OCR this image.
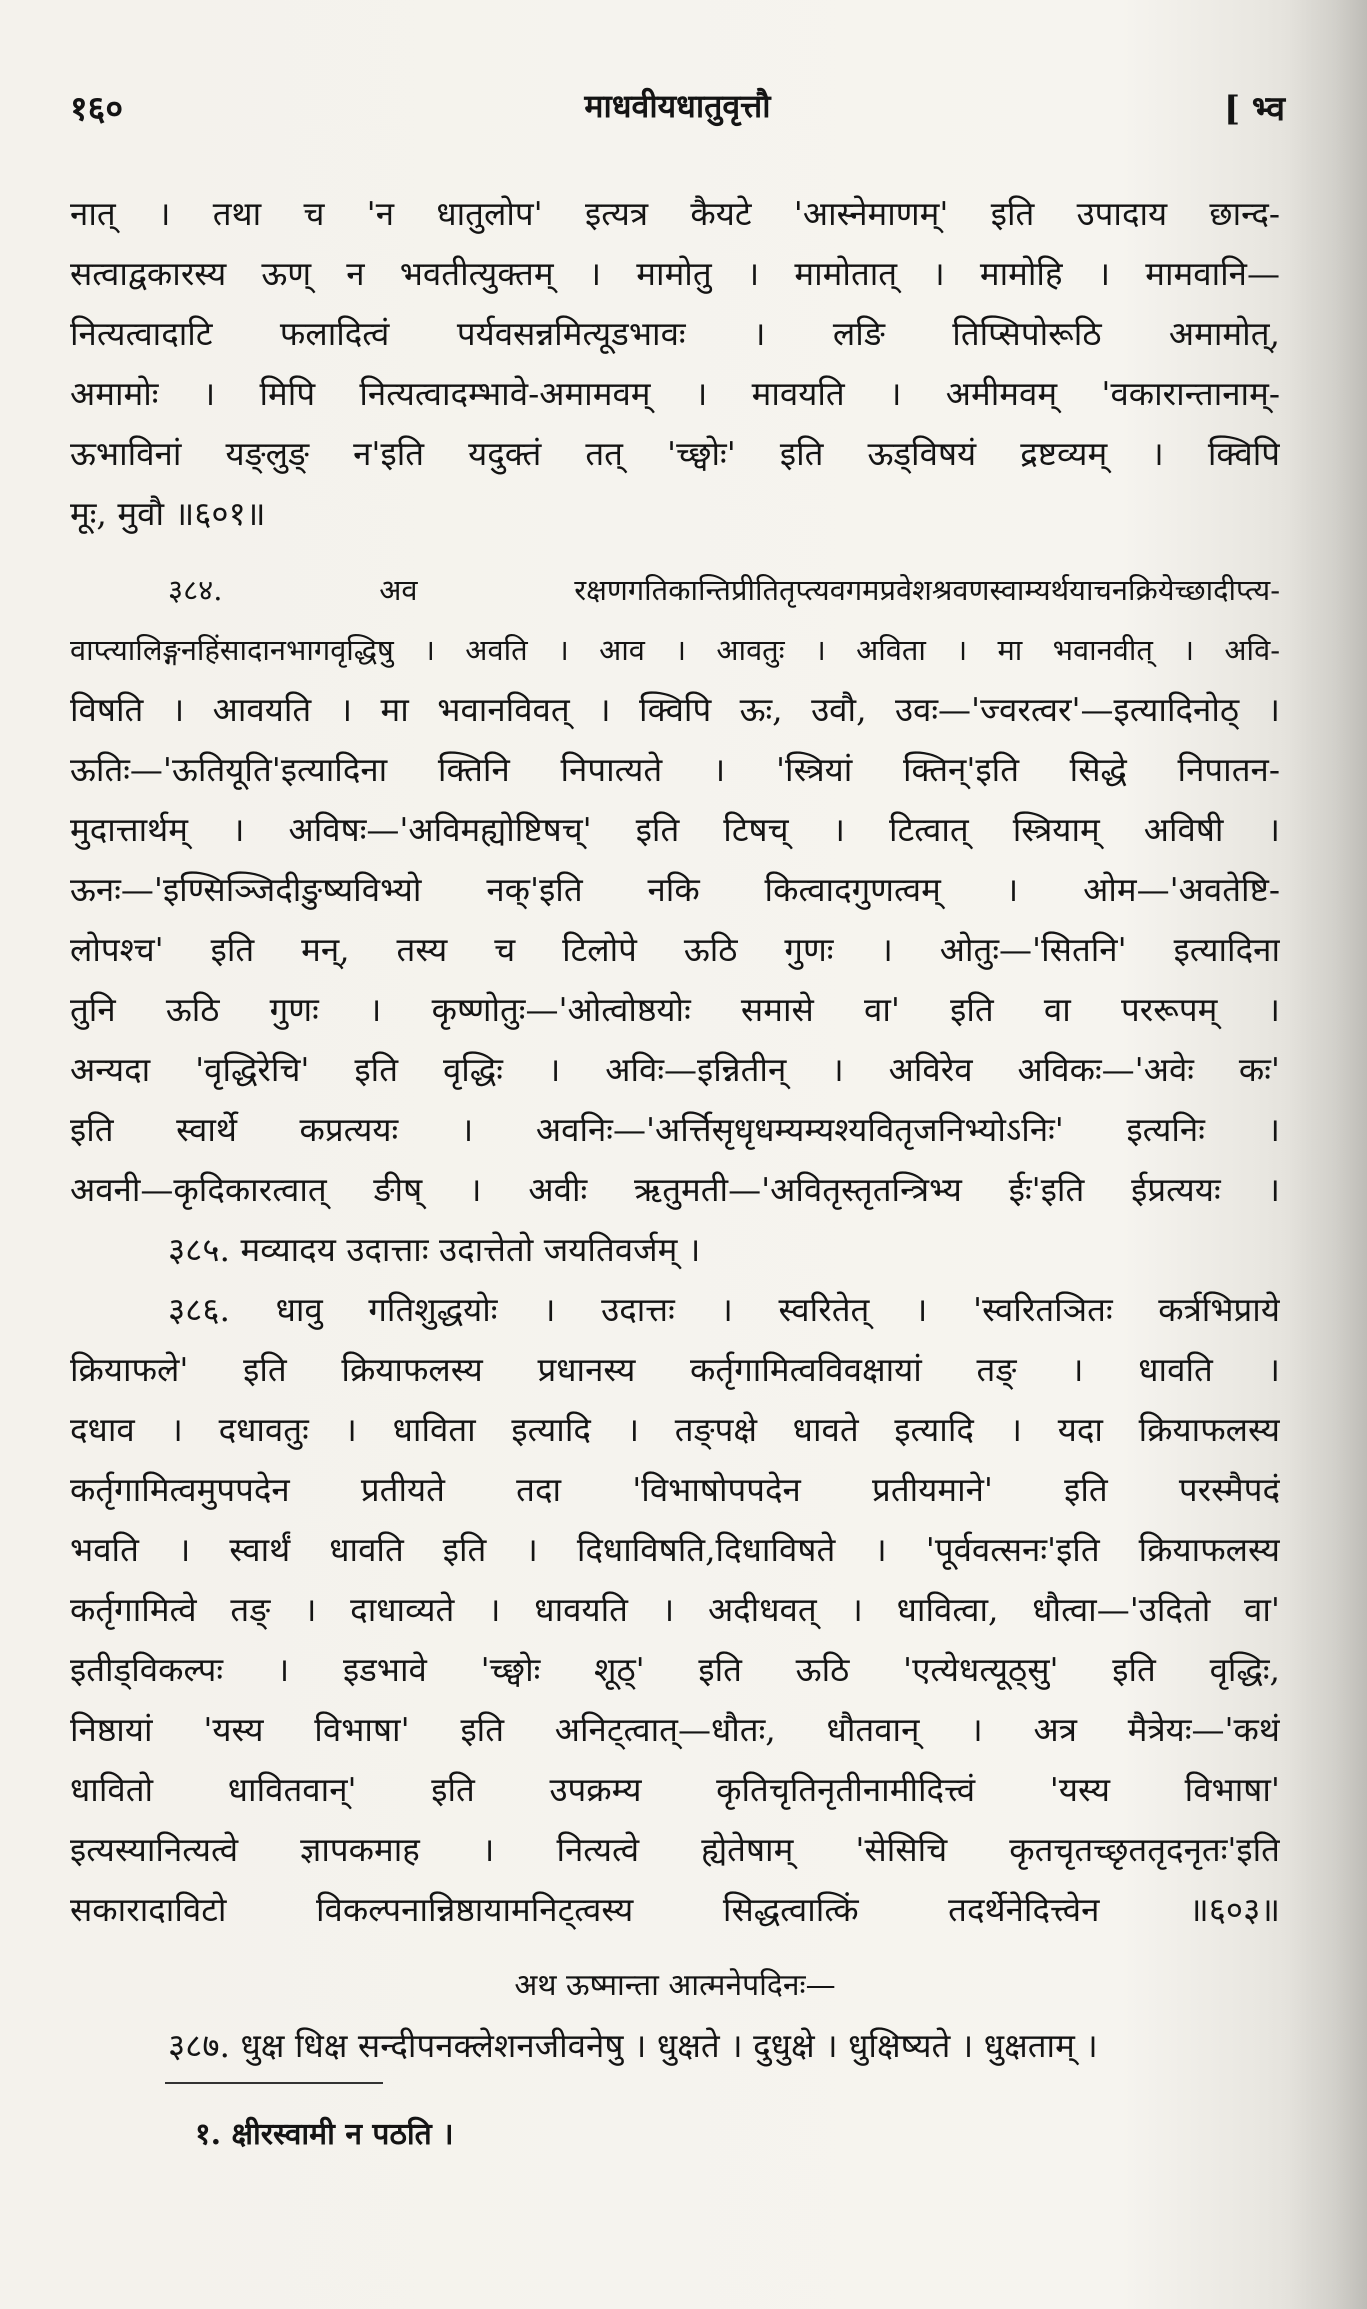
१६०	माधवीयधातुवृत्तौ	[ भ्व
नात् । तथा च 'न धातुलोप' इत्यत्र कैयटे 'आस्नेमाणम्' इति उपादाय छान्द-
सत्वाद्वकारस्य ऊण् न भवतीत्युक्तम् । मामोतु । मामोतात् । मामोहि । मामवानि—
नित्यत्वादाटि फलादित्वं पर्यवसन्नमित्यूडभावः । लङि तिप्सिपोरूठि अमामोत्,
अमामोः । मिपि नित्यत्वादम्भावे-अमामवम् । मावयति । अमीमवम् 'वकारान्तानाम्-
ऊभाविनां यङ्लुङ् न'इति यदुक्तं तत् 'च्छ्वोः' इति ऊड्विषयं द्रष्टव्यम् । क्विपि
मूः, मुवौ ॥६०१॥
३८४. अव रक्षणगतिकान्तिप्रीतितृप्त्यवगमप्रवेशश्रवणस्वाम्यर्थयाचनक्रियेच्छादीप्त्य-
वाप्त्यालिङ्गनहिंसादानभागवृद्धिषु । अवति । आव । आवतुः । अविता । मा भवानवीत् । अवि-
विषति । आवयति । मा भवानविवत् । क्विपि ऊः, उवौ, उवः—'ज्वरत्वर'—इत्यादिनोठ् ।
ऊतिः—'ऊतियूति'इत्यादिना क्तिनि निपात्यते । 'स्त्रियां क्तिन्'इति सिद्धे निपातन-
मुदात्तार्थम् । अविषः—'अविमह्योष्टिषच्' इति टिषच् । टित्वात् स्त्रियाम् अविषी ।
ऊनः—'इण्सिञ्जिदीङुष्यविभ्यो नक्'इति नकि कित्वादगुणत्वम् । ओम—'अवतेष्टि-
लोपश्च' इति मन्, तस्य च टिलोपे ऊठि गुणः । ओतुः—'सितनि' इत्यादिना
तुनि ऊठि गुणः । कृष्णोतुः—'ओत्वोष्ठयोः समासे वा' इति वा पररूपम् ।
अन्यदा 'वृद्धिरेचि' इति वृद्धिः । अविः—इन्नितीन् । अविरेव अविकः—'अवेः कः'
इति स्वार्थे कप्रत्ययः । अवनिः—'अर्त्तिसृधृधम्यम्यश्यवितृजनिभ्योऽनिः' इत्यनिः ।
अवनी—कृदिकारत्वात् ङीष् । अवीः ऋतुमती—'अवितृस्तृतन्त्रिभ्य ईः'इति ईप्रत्ययः ।
३८५. मव्यादय उदात्ताः उदात्तेतो जयतिवर्जम् ।
३८६. धावु गतिशुद्धयोः । उदात्तः । स्वरितेत् । 'स्वरितञितः कर्त्रभिप्राये
क्रियाफले' इति क्रियाफलस्य प्रधानस्य कर्तृगामित्वविवक्षायां तङ् । धावति ।
दधाव । दधावतुः । धाविता इत्यादि । तङ्पक्षे धावते इत्यादि । यदा क्रियाफलस्य
कर्तृगामित्वमुपपदेन प्रतीयते तदा 'विभाषोपपदेन प्रतीयमाने' इति परस्मैपदं
भवति । स्वार्थं धावति इति । दिधाविषति,दिधाविषते । 'पूर्ववत्सनः'इति क्रियाफलस्य
कर्तृगामित्वे तङ् । दाधाव्यते । धावयति । अदीधवत् । धावित्वा, धौत्वा—'उदितो वा'
इतीड्विकल्पः । इडभावे 'च्छ्वोः शूठ्' इति ऊठि 'एत्येधत्यूठ्सु' इति वृद्धिः,
निष्ठायां 'यस्य विभाषा' इति अनिट्त्वात्—धौतः, धौतवान् । अत्र मैत्रेयः—'कथं
धावितो धावितवान्' इति उपक्रम्य कृतिचृतिनृतीनामीदित्त्वं 'यस्य विभाषा'
इत्यस्यानित्यत्वे ज्ञापकमाह । नित्यत्वे ह्येतेषाम् 'सेसिचि कृतचृतच्छृततृदनृतः'इति
सकारादाविटो विकल्पनान्निष्ठायामनिट्त्वस्य सिद्धत्वात्किं तदर्थेनेदित्त्वेन ॥६०३॥
अथ ऊष्मान्ता आत्मनेपदिनः—
३८७. धुक्ष धिक्ष सन्दीपनक्लेशनजीवनेषु । धुक्षते । दुधुक्षे । धुक्षिष्यते । धुक्षताम् ।
१. क्षीरस्वामी न पठति ।
